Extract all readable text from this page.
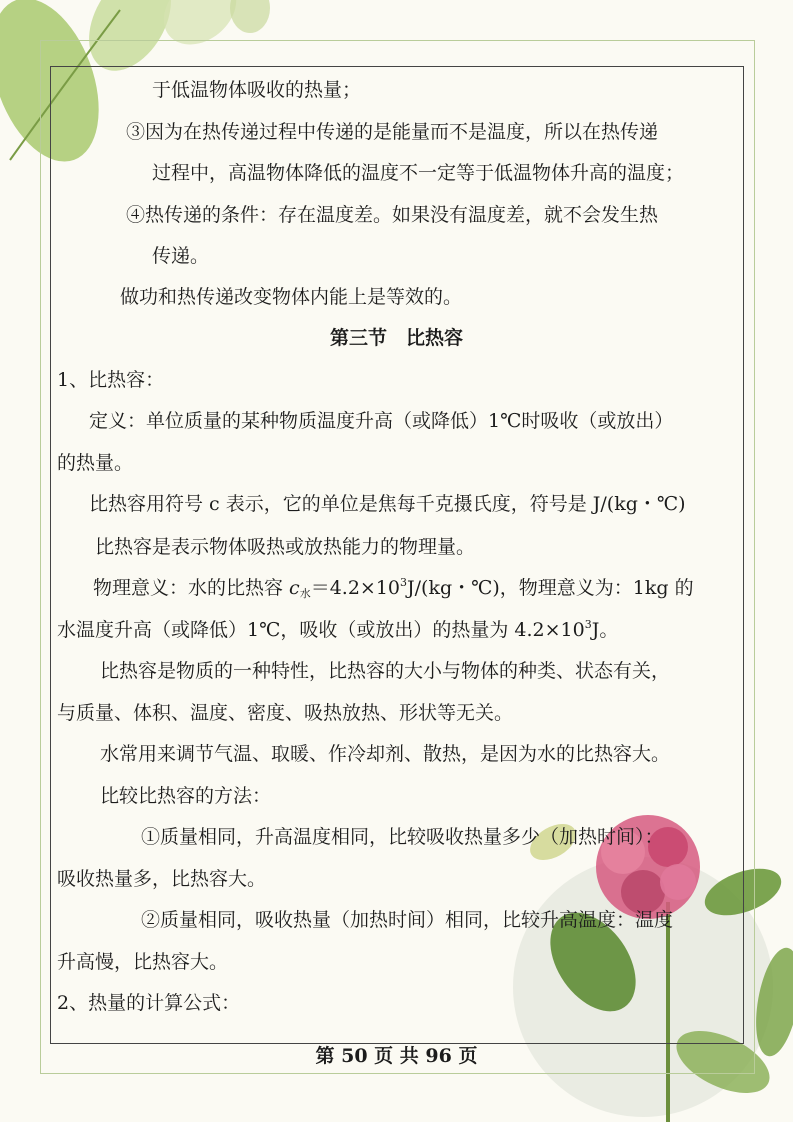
于低温物体吸收的热量；
③因为在热传递过程中传递的是能量而不是温度，所以在热传递
过程中，高温物体降低的温度不一定等于低温物体升高的温度；
④热传递的条件：存在温度差。如果没有温度差，就不会发生热
传递。
做功和热传递改变物体内能上是等效的。
第三节　比热容
1、比热容：
定义：单位质量的某种物质温度升高（或降低）1℃时吸收（或放出）
的热量。
比热容用符号 c 表示，它的单位是焦每千克摄氏度，符号是 J/(kg・℃)
比热容是表示物体吸热或放热能力的物理量。
物理意义：水的比热容 $c_水=4.2\times 10^3J/(kg$・℃)，物理意义为：1kg 的
水温度升高（或降低）1℃，吸收（或放出）的热量为 $4.2\times 10^3J$。
比热容是物质的一种特性，比热容的大小与物体的种类、状态有关，
与质量、体积、温度、密度、吸热放热、形状等无关。
水常用来调节气温、取暖、作冷却剂、散热，是因为水的比热容大。
比较比热容的方法：
①质量相同，升高温度相同，比较吸收热量多少（加热时间）：
吸收热量多，比热容大。
②质量相同，吸收热量（加热时间）相同，比较升高温度：温度
升高慢，比热容大。
2、热量的计算公式：
第 50 页 共 96 页
